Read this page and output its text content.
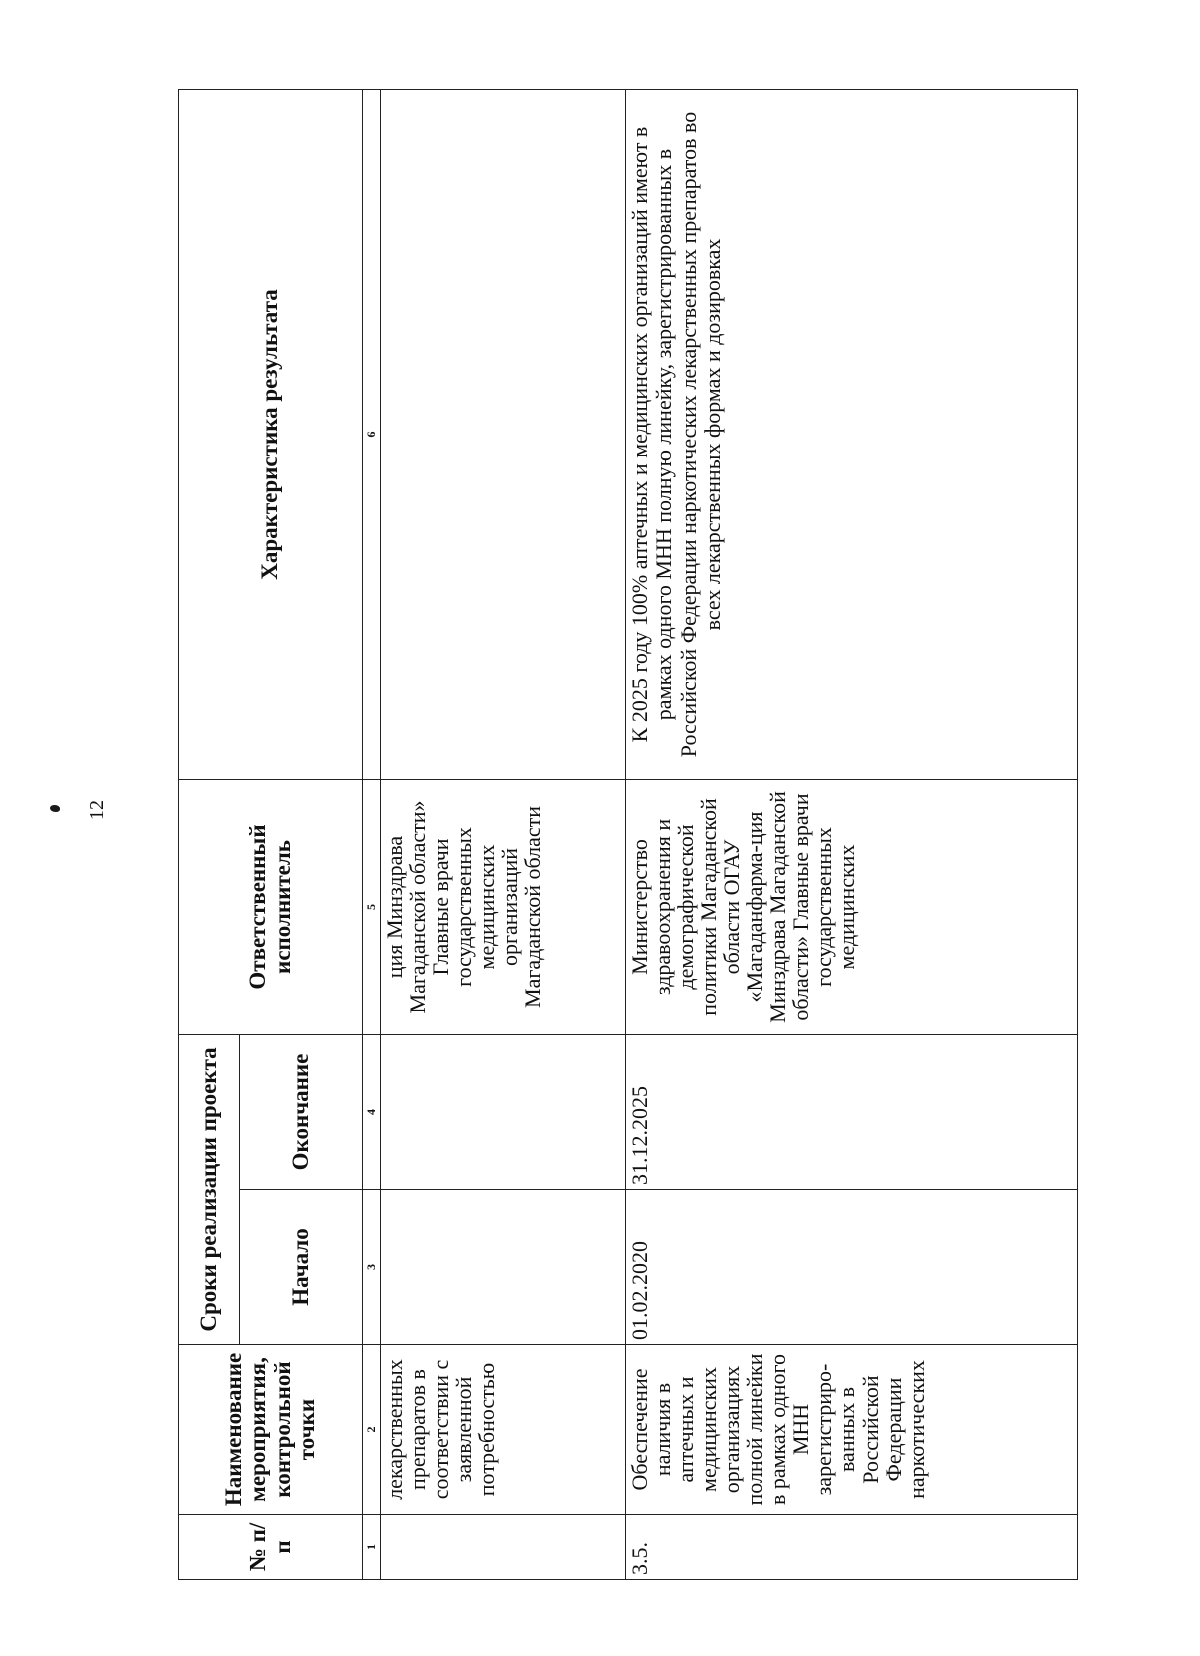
12
№ п/п	Наименование мероприятия, контрольной точки	Сроки реализации проекта		Ответственный исполнитель	Характеристика результата
		Начало	Окончание		
1	2	3	4	5	6
	лекарственных препаратов в соответствии с заявленной потребностью			ция Минздрава Магаданской области» Главные врачи государственных медицинских организаций Магаданской области	
3.5.	Обеспечение наличия в аптечных и медицинских организациях полной линейки в рамках одного МНН зарегистриро-ванных в Российской Федерации наркотических	01.02.2020	31.12.2025	Министерство здравоохранения и демографической политики Магаданской области ОГАУ «Магаданфарма-ция Минздрава Магаданской области» Главные врачи государственных медицинских	К 2025 году 100% аптечных и медицинских организаций имеют в рамках одного МНН полную линейку, зарегистрированных в Российской Федерации наркотических лекарственных препаратов во всех лекарственных формах и дозировках
